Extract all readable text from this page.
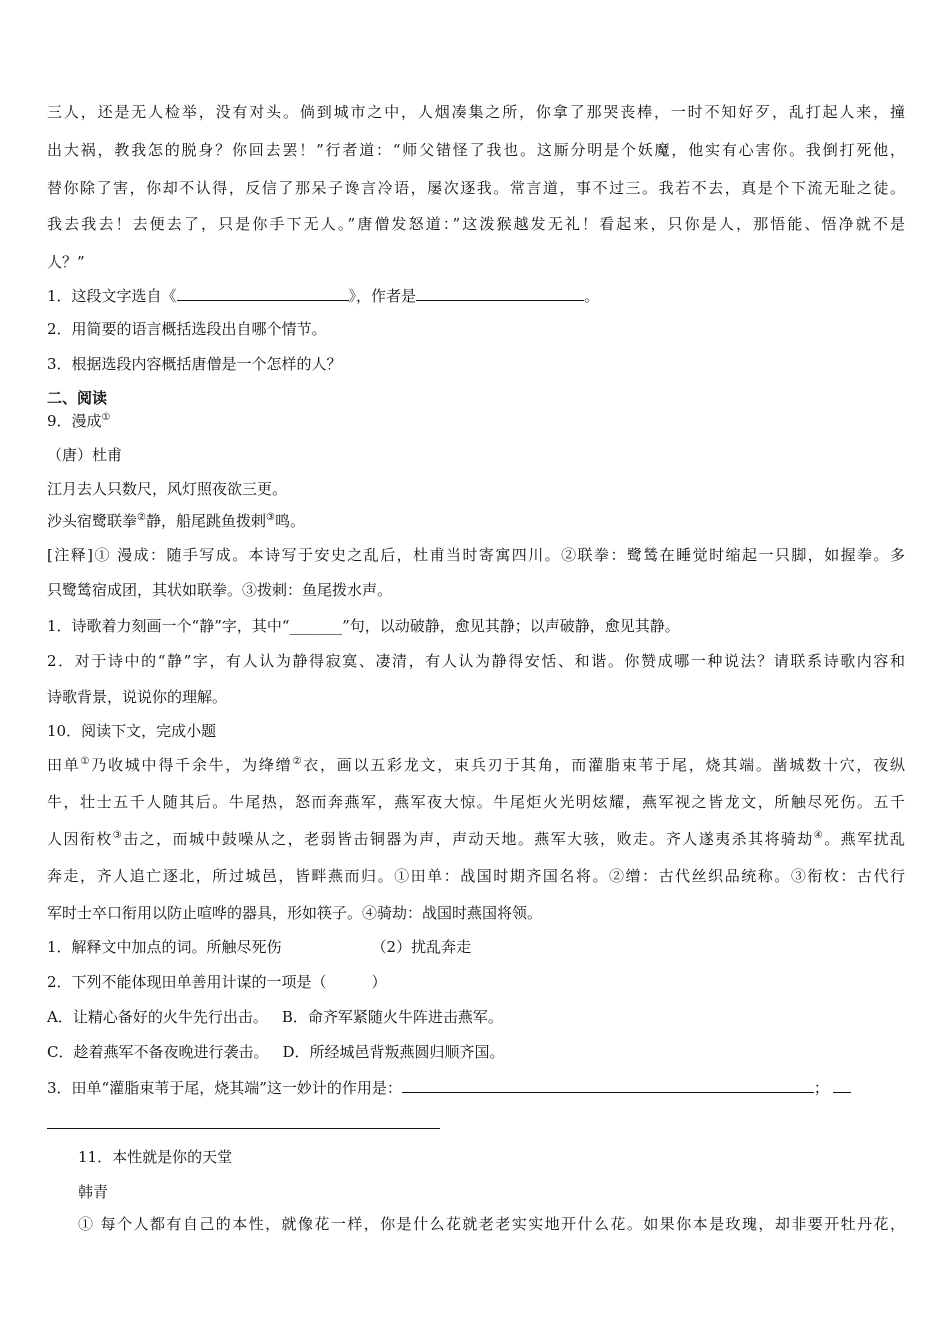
三人，还是无人检举，没有对头。倘到城市之中，人烟凑集之所，你拿了那哭丧棒，一时不知好歹，乱打起人来，撞
出大祸，教我怎的脱身？你回去罢！”行者道：“师父错怪了我也。这厮分明是个妖魔，他实有心害你。我倒打死他，
替你除了害，你却不认得，反信了那呆子谗言冷语，屡次逐我。常言道，事不过三。我若不去，真是个下流无耻之徒。
我去我去！去便去了，只是你手下无人。”唐僧发怒道：”这泼猴越发无礼！看起来，只你是人，那悟能、悟净就不是
人？”
1．这段文字选自《	》，作者是	。
2．用简要的语言概括选段出自哪个情节。
3．根据选段内容概括唐僧是一个怎样的人？
二、阅读
9．漫成①
（唐）杜甫
江月去人只数尺，风灯照夜欲三更。
沙头宿鹭联拳②静，船尾跳鱼拨剌③鸣。
[注释]① 漫成：随手写成。本诗写于安史之乱后，杜甫当时寄寓四川。②联拳：鹭鸶在睡觉时缩起一只脚，如握拳。多
只鹭鸶宿成团，其状如联拳。③拨刺：鱼尾拨水声。
1．诗歌着力刻画一个“静”字，其中“_______”句，以动破静，愈见其静；以声破静，愈见其静。
2．对于诗中的“静”字，有人认为静得寂寞、凄清，有人认为静得安恬、和谐。你赞成哪一种说法？请联系诗歌内容和
诗歌背景，说说你的理解。
10．阅读下文，完成小题
田单①乃收城中得千余牛，为绛缯②衣，画以五彩龙文，束兵刃于其角，而灌脂束苇于尾，烧其端。凿城数十穴，夜纵
牛，壮士五千人随其后。牛尾热，怒而奔燕军，燕军夜大惊。牛尾炬火光明炫耀，燕军视之皆龙文，所触尽死伤。五千
人因衔枚③击之，而城中鼓噪从之，老弱皆击铜器为声，声动天地。燕军大骇，败走。齐人遂夷杀其将骑劫④。燕军扰乱
奔走，齐人追亡逐北，所过城邑，皆畔燕而归。①田单：战国时期齐国名将。②缯：古代丝织品统称。③衔枚：古代行
军时士卒口衔用以防止喧哗的器具，形如筷子。④骑劫：战国时燕国将领。
1．解释文中加点的词。所触尽死伤	（2）扰乱奔走
2．下列不能体现田单善用计谋的一项是（　　　）
A．让精心备好的火牛先行出击。 B．命齐军紧随火牛阵进击燕军。
C．趁着燕军不备夜晚进行袭击。 D．所经城邑背叛燕圆归顺齐国。
3．田单“灌脂束苇于尾，烧其端”这一妙计的作用是：	；
11．本性就是你的天堂
韩青
① 每个人都有自己的本性，就像花一样，你是什么花就老老实实地开什么花。如果你本是玫瑰，却非要开牡丹花，
